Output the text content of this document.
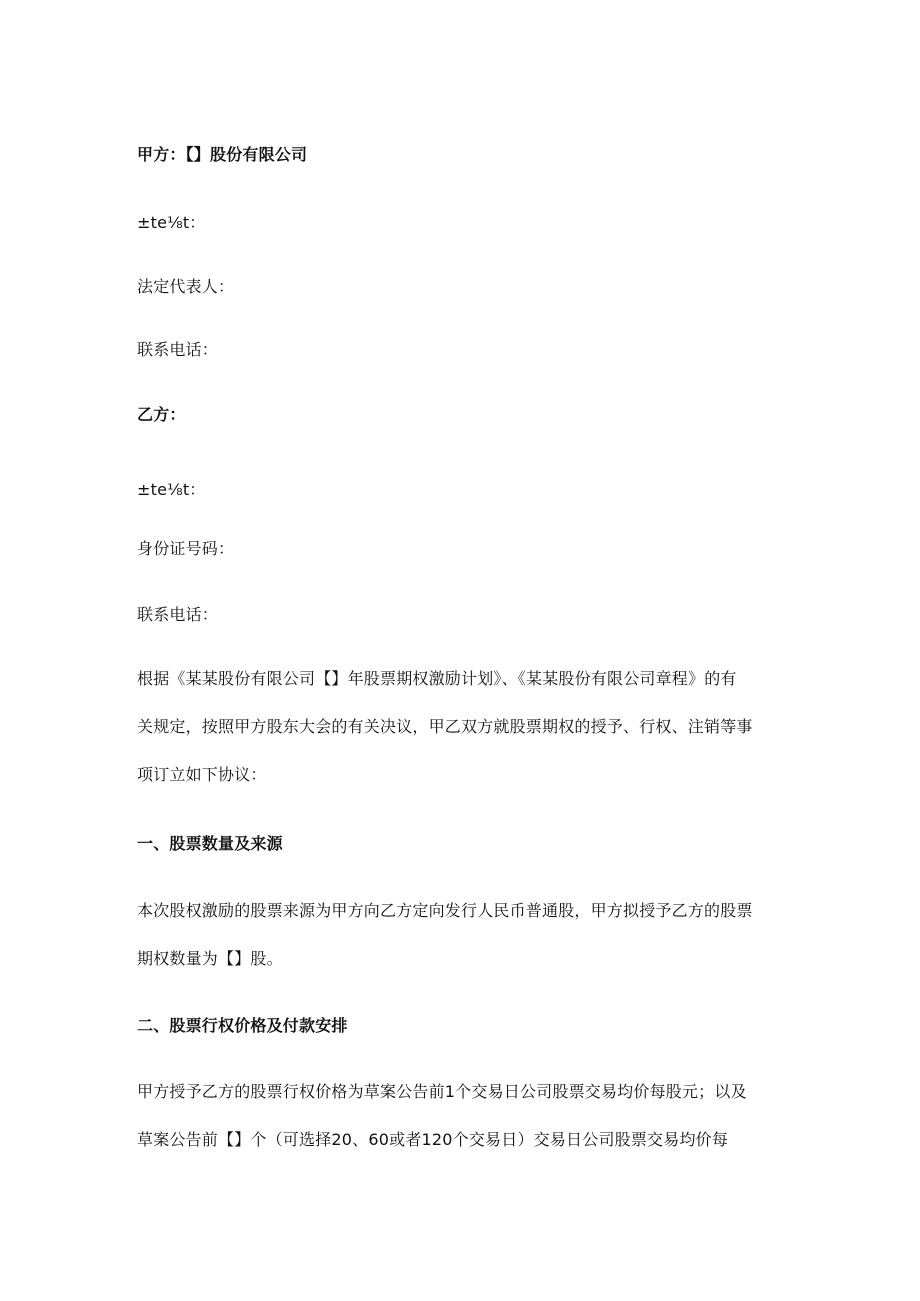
甲方：【】股份有限公司
±te⅛t：
法定代表人：
联系电话：
乙方：
±te⅛t：
身份证号码：
联系电话：
根据《某某股份有限公司【】年股票期权激励计划》、《某某股份有限公司章程》的有
关规定，按照甲方股东大会的有关决议，甲乙双方就股票期权的授予、行权、注销等事
项订立如下协议：
一、股票数量及来源
本次股权激励的股票来源为甲方向乙方定向发行人民币普通股，甲方拟授予乙方的股票
期权数量为【】股。
二、股票行权价格及付款安排
甲方授予乙方的股票行权价格为草案公告前1个交易日公司股票交易均价每股元；以及
草案公告前【】个（可选择20、60或者120个交易日）交易日公司股票交易均价每
